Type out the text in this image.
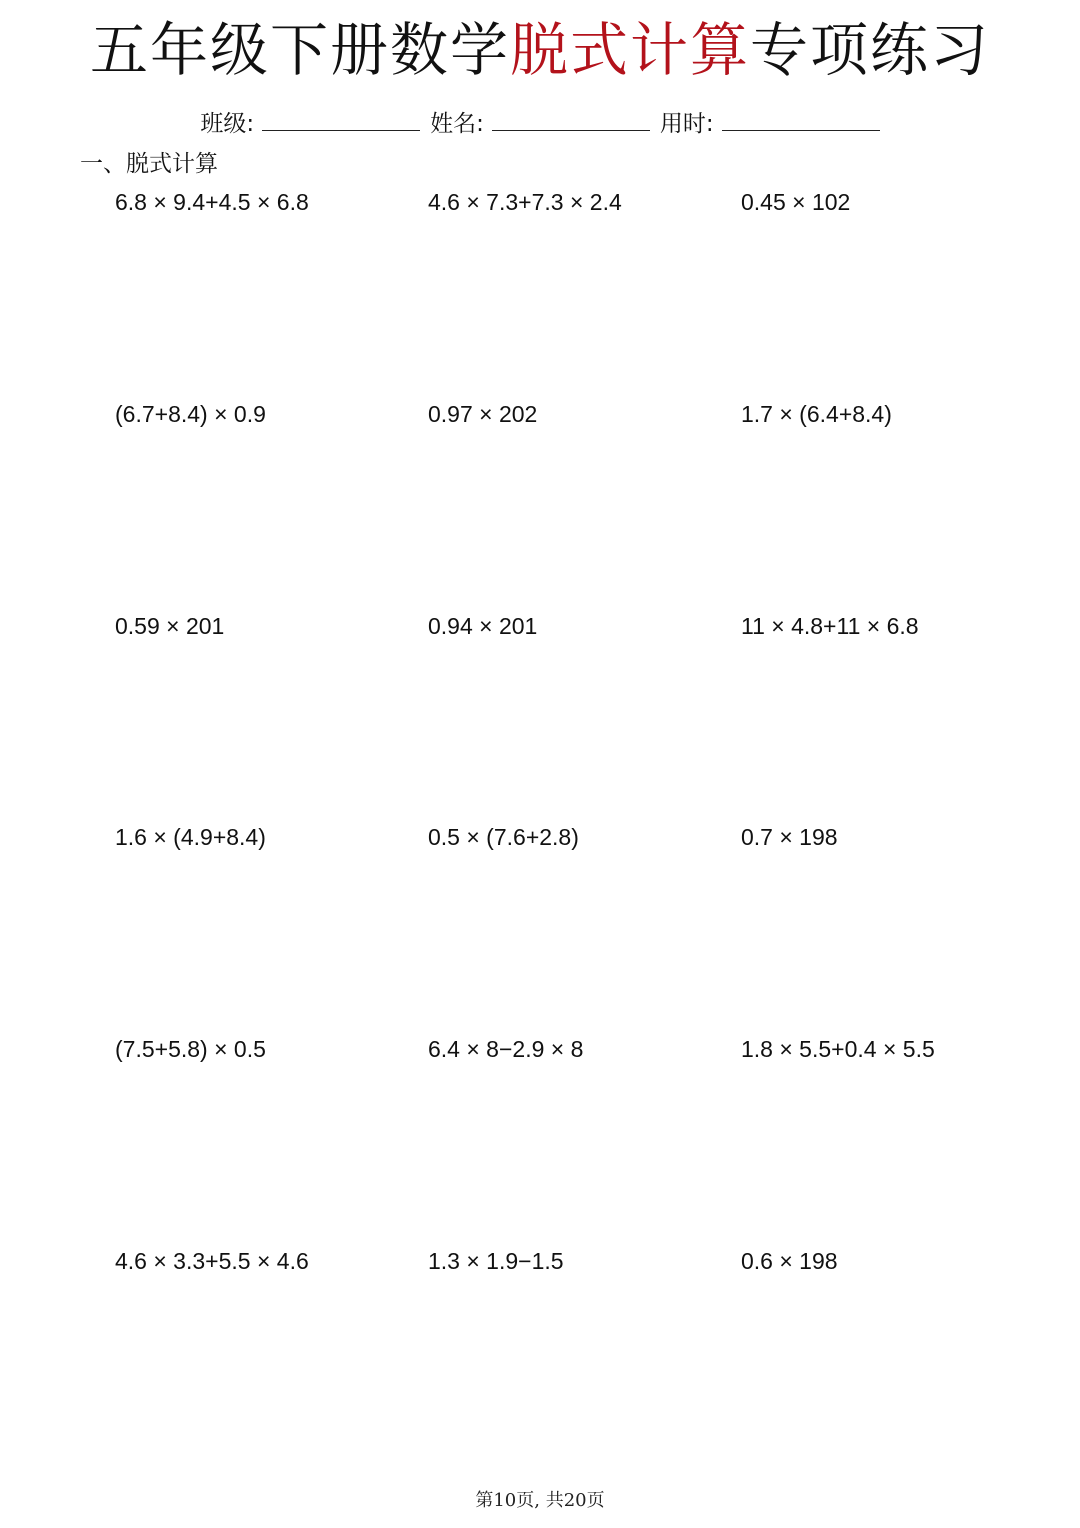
五年级下册数学脱式计算专项练习
班级:	姓名:	用时:
一、脱式计算
6.8 × 9.4+4.5 × 6.8	4.6 × 7.3+7.3 × 2.4	0.45 × 102
(6.7+8.4) × 0.9	0.97 × 202	1.7 × (6.4+8.4)
0.59 × 201	0.94 × 201	11 × 4.8+11 × 6.8
1.6 × (4.9+8.4)	0.5 × (7.6+2.8)	0.7 × 198
(7.5+5.8) × 0.5	6.4 × 8−2.9 × 8	1.8 × 5.5+0.4 × 5.5
4.6 × 3.3+5.5 × 4.6	1.3 × 1.9−1.5	0.6 × 198
第10页, 共20页
